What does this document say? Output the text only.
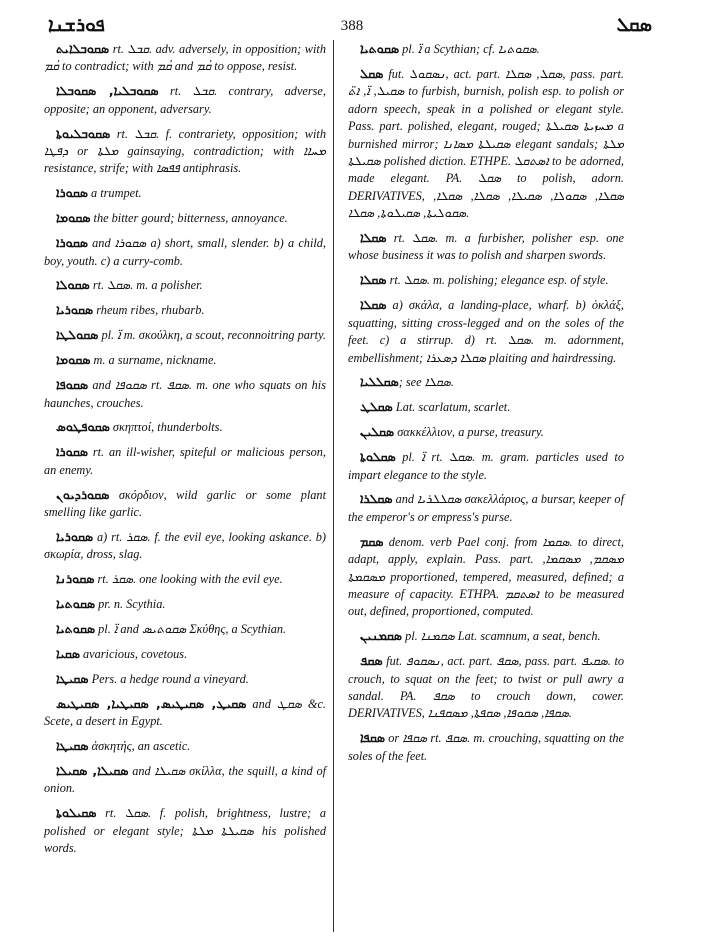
ܦܘܪܫܢܐ	388	ܣܩܠ

ܣܩܘܒܠܐܝܬ rt. ܩܒܠ. adv. adversely, in opposition; with ܩܳܡ to contradict; with ܩܳܡ and ܩܳܡ to oppose, resist.

ܣܩܘܒܠܝܐ, ܣܩܘܒܠܐ rt. ܩܒܠ. contrary, adverse, opposite; an opponent, adversary.

ܣܩܘܒܠܝܘܬܐ rt. ܩܒܠ. f. contrariety, opposition; with ܕܦܛܐ or ܡܠܬܐ gainsaying, contradiction; with ܡܚܐܐ resistance, strife; with ܦܦܣܐ antiphrasis.

ܣܩܘܪܐ a trumpet.

ܣܩܘܡܐ the bitter gourd; bitterness, annoyance.

ܣܩܘܪܐ and ܣܩܘܪܐ a) short, small, slender. b) a child, boy, youth. c) a curry-comb.

ܣܩܘܠܐ rt. ܣܩܠ. m. a polisher.

ܣܩܘܪܝܐ rheum ribes, rhubarb.

ܣܩܘܠܛܐ pl. ܐ̈ m. σκούλκη, a scout, reconnoitring party.

ܣܩܘܡܐ m. a surname, nickname.

ܣܩܘܦܐ and ܣܩܘܦܐ rt. ܣܩܦ. m. one who squats on his haunches, crouches.

ܣܩܘܦܛܘܣ σκηπτοί, thunderbolts.

ܣܩܘܪܐ rt. an ill-wisher, spiteful or malicious person, an enemy.

ܣܩܘܪܕܝܘܢ σκόρδιον, wild garlic or some plant smelling like garlic.

ܣܩܘܪܝܐ a) rt. ܣܩܪ. f. the evil eye, looking askance. b) σκωρία, dross, slag.

ܣܩܘܪܢܐ rt. ܣܩܪ. one looking with the evil eye.

ܣܩܘܬܝܐ pr. n. Scythia.

ܣܩܘܬܝܐ pl. ܐ̈ and ܣܩܘܬܝܣ Σκύθης, a Scythian.

ܣܩܝܐ avaricious, covetous.

ܣܩܝܛܐ Pers. a hedge round a vineyard.

ܣܩܝܛ, ܣܩܝܛܝܣ, ܣܩܝܛܝܐ, ܣܩܝܛܝܣ and ܣܩܛ &c. Scete, a desert in Egypt.

ܣܩܝܛܐ ἀσκητής, an ascetic.

ܣܩܝܠܐ, ܣܩܝܠܐ and ܣܩܝܠܐ σκίλλα, the squill, a kind of onion.

ܣܩܝܠܘܬܐ rt. ܣܩܠ. f. polish, brightness, lustre; a polished or elegant style; ܣܩܝܠܬܐ ܡܠܬܐ his polished words.

ܣܩܘܬܝܐ pl. ܐ̈ a Scythian; cf. ܣܩܘܬܝܐ.

ܣܩܠ fut. ܢܣܩܘܠ, act. part. ܣܩܠ, ܣܩܠܐ, pass. part. ܣܩܝܠ, ܐ̈, ܐܬ̈ to furbish, burnish, polish esp. to polish or adorn speech, speak in a polished or elegant style. Pass. part. polished, elegant, rouged; ܡܚܙܝܬܐ ܣܩܝܠܬܐ a burnished mirror; ܣܩܝܠܬܐ ܡܣܐܢܐ elegant sandals; ܡܠܬܐ ܣܩܝܠܬܐ polished diction. ETHPE. ܐܣܬܩܠ to be adorned, made elegant. PA. ܣܩܠ to polish, adorn. DERIVATIVES, ܣܩܠܐ, ܣܩܘܠܐ, ܣܩܝܠܐ, ܣܩܠܐ, ܣܩܠܐ, ܣܩܘܠܝܬܐ, ܣܩܝܠܘܬܐ, ܣܩܠܐ.

ܣܩܠܐ rt. ܣܩܠ. m. a furbisher, polisher esp. one whose business it was to polish and sharpen swords.

ܣܩܠܐ rt. ܣܩܠ. m. polishing; elegance esp. of style.

ܣܩܠܐ a) σκάλα, a landing-place, wharf. b) ὀκλάξ, squatting, sitting cross-legged and on the soles of the feet. c) a stirrup. d) rt. ܣܩܠ. m. adornment, embellishment; ܣܩܠܐ ܕܣܥܪܐ plaiting and hairdressing.

ܣܩܠܠܝܐ; see ܣܩܠܐ.

ܣܩܠܛ Lat. scarlatum, scarlet.

ܣܩܠܝܢ σακκέλλιον, a purse, treasury.

ܣܩܠܘܬܐ pl. ܐ̈ rt. ܣܩܠ. m. gram. particles used to impart elegance to the style.

ܣܩܠܪܐ and ܣܩܠܠܪܝܐ σακελλάριος, a bursar, keeper of the emperor's or empress's purse.

ܣܩܡ denom. verb Pael conj. from ܣܩܡܐ. to direct, adapt, apply, explain. Pass. part. ܡܣܩܡ, ܡܣܩܡܐ, ܡܣܩܡܬܐ proportioned, tempered, measured, defined; a measure of capacity. ETHPA. ܐܣܬܩܡ to be measured out, defined, proportioned, computed.

ܣܩܡܢܝܢ pl. ܣܩܡܢܐ Lat. scamnum, a seat, bench.

ܣܩܦ fut. ܢܣܩܘܦ, act. part. ܣܩܦ, pass. part. ܣܩܝܦ. to crouch, to squat on the feet; to twist or pull awry a sandal. PA. ܣܩܦ to crouch down, cower. DERIVATIVES, ܣܩܦܐ, ܣܩܘܦܐ, ܣܩܦܬܐ, ܡܣܩܦܢܐ.

ܣܩܦܐ or ܣܩܦܐ rt. ܣܩܦ. m. crouching, squatting on the soles of the feet.
